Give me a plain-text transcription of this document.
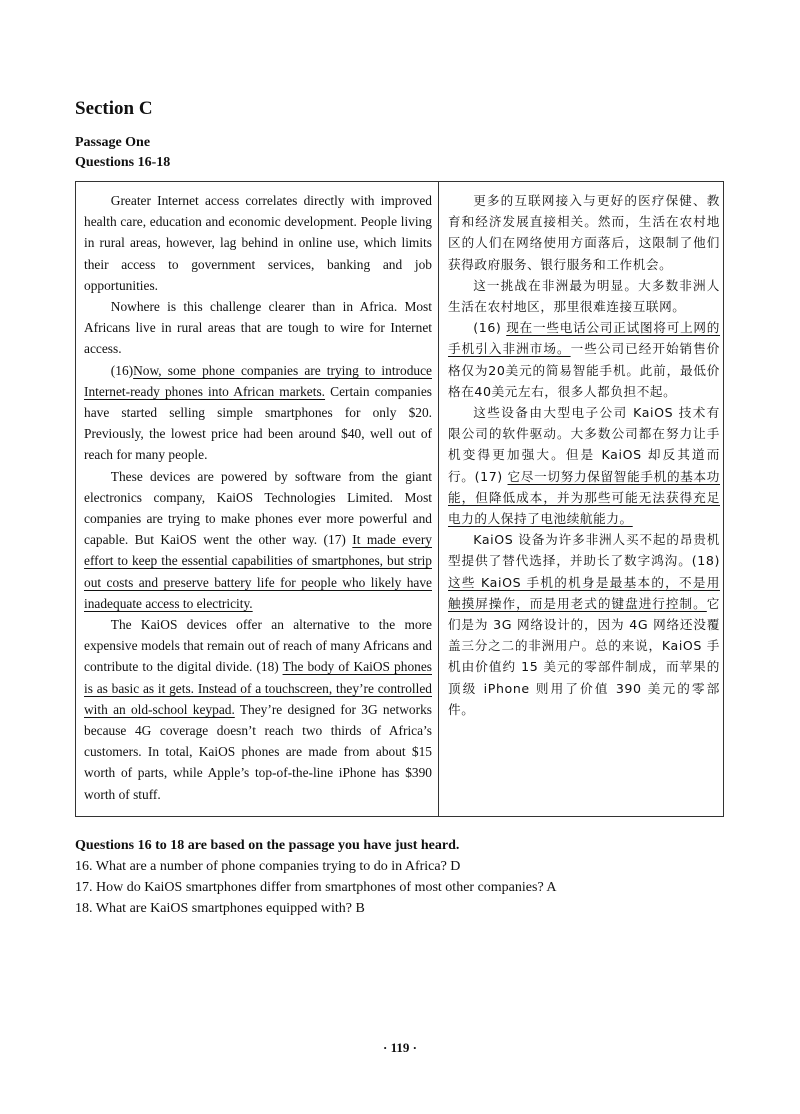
Section C
Passage One
Questions 16-18

Greater Internet access correlates directly with improved health care, education and economic development. People living in rural areas, however, lag behind in online use, which limits their access to government services, banking and job opportunities.

Nowhere is this challenge clearer than in Africa. Most Africans live in rural areas that are tough to wire for Internet access.

(16)Now, some phone companies are trying to introduce Internet-ready phones into African markets. Certain companies have started selling simple smartphones for only $20. Previously, the lowest price had been around $40, well out of reach for many people.

These devices are powered by software from the giant electronics company, KaiOS Technologies Limited. Most companies are trying to make phones ever more powerful and capable. But KaiOS went the other way. (17) It made every effort to keep the essential capabilities of smartphones, but strip out costs and preserve battery life for people who likely have inadequate access to electricity.

The KaiOS devices offer an alternative to the more expensive models that remain out of reach of many Africans and contribute to the digital divide. (18) The body of KaiOS phones is as basic as it gets. Instead of a touchscreen, they’re controlled with an old-school keypad. They’re designed for 3G networks because 4G coverage doesn’t reach two thirds of Africa’s customers. In total, KaiOS phones are made from about $15 worth of parts, while Apple’s top-of-the-line iPhone has $390 worth of stuff.

更多的互联网接入与更好的医疗保健、教育和经济发展直接相关。然而，生活在农村地区的人们在网络使用方面落后，这限制了他们获得政府服务、银行服务和工作机会。

这一挑战在非洲最为明显。大多数非洲人生活在农村地区，那里很难连接互联网。

(16) 现在一些电话公司正试图将可上网的手机引入非洲市场。一些公司已经开始销售价格仅为20美元的简易智能手机。此前，最低价格在40美元左右，很多人都负担不起。

这些设备由大型电子公司 KaiOS 技术有限公司的软件驱动。大多数公司都在努力让手机变得更加强大。但是 KaiOS 却反其道而行。(17) 它尽一切努力保留智能手机的基本功能，但降低成本，并为那些可能无法获得充足电力的人保持了电池续航能力。

KaiOS 设备为许多非洲人买不起的昂贵机型提供了替代选择，并助长了数字鸿沟。(18) 这些 KaiOS 手机的机身是最基本的，不是用触摸屏操作，而是用老式的键盘进行控制。它们是为 3G 网络设计的，因为 4G 网络还没覆盖三分之二的非洲用户。总的来说，KaiOS 手机由价值约 15 美元的零部件制成，而苹果的顶级 iPhone 则用了价值 390 美元的零部件。

Questions 16 to 18 are based on the passage you have just heard.

16. What are a number of phone companies trying to do in Africa? D

17. How do KaiOS smartphones differ from smartphones of most other companies? A

18. What are KaiOS smartphones equipped with? B

· 119 ·
